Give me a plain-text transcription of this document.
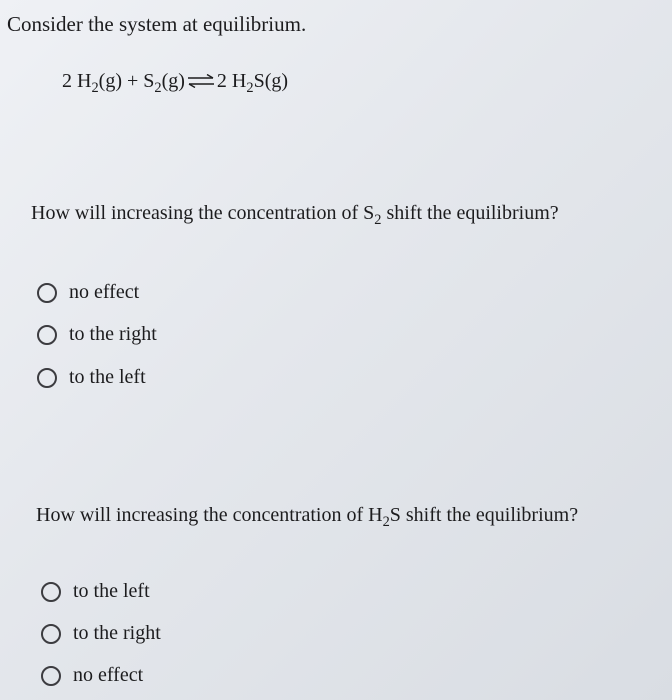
Consider the system at equilibrium.

2 $H_2(g) + S_2(g)$ ⇌ 2 $H_2S(g)$
How will increasing the concentration of $S_2$ shift the equilibrium?
no effect
to the right
to the left
How will increasing the concentration of $H_2S$ shift the equilibrium?
to the left
to the right
no effect
